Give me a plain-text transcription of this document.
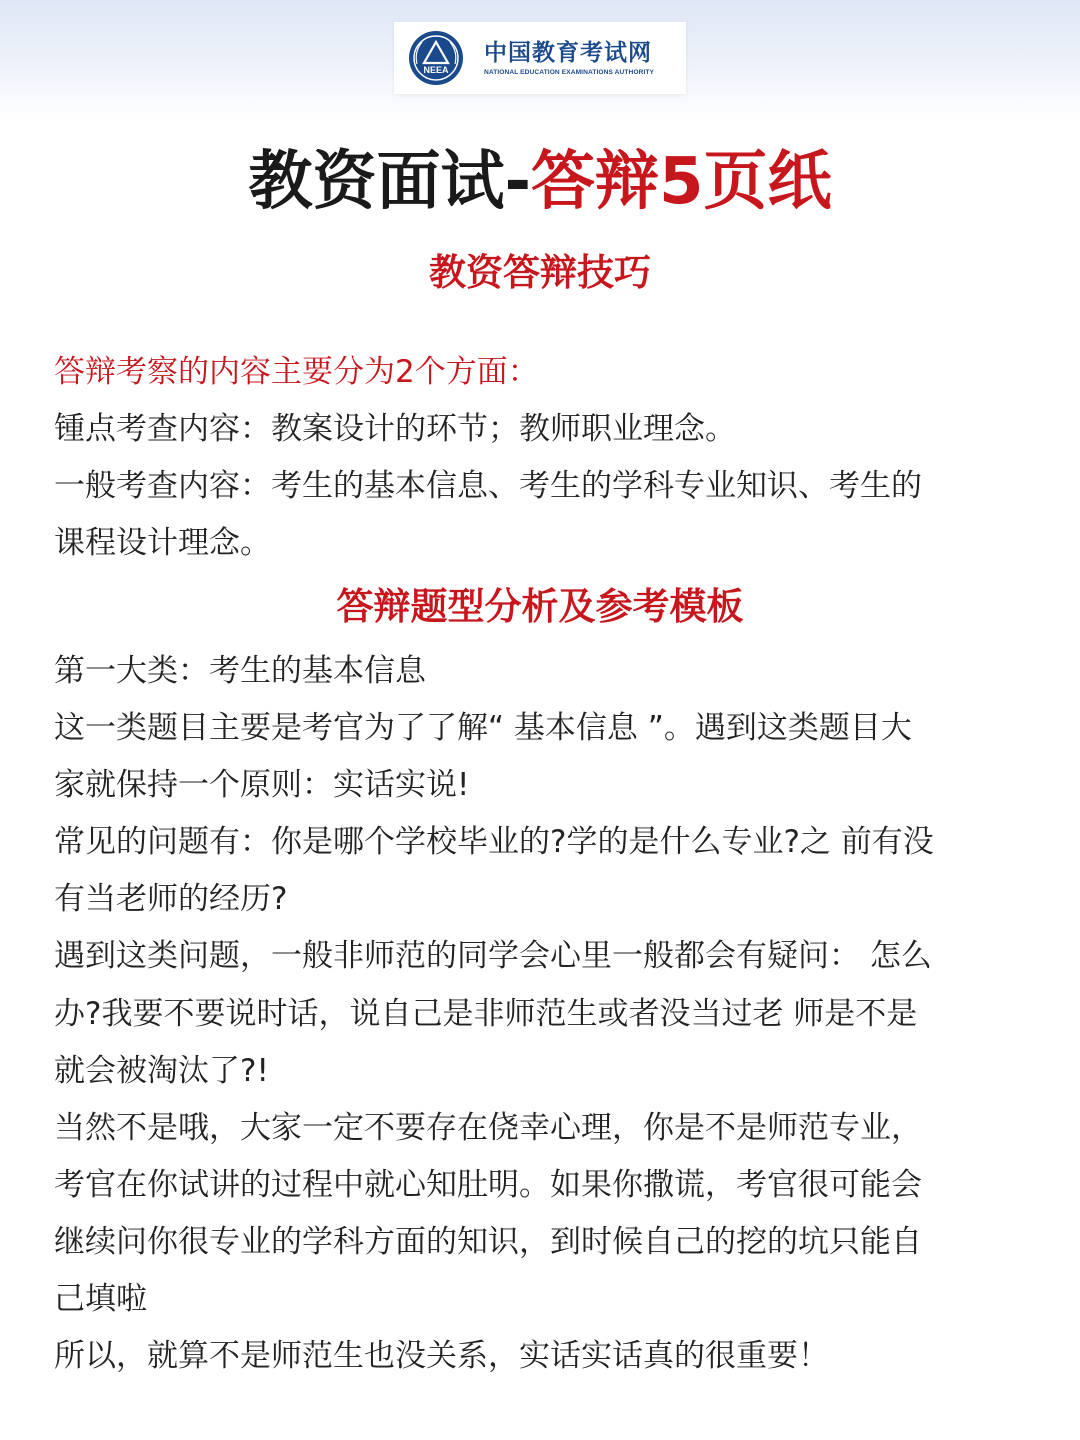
NEEA
中国教育考试网
NATIONAL EDUCATION EXAMINATIONS AUTHORITY
教资面试-答辩5页纸
教资答辩技巧
答辩考察的内容主要分为2个方面：
锺点考查内容：教案设计的环节；教师职业理念。
一般考查内容：考生的基本信息、考生的学科专业知识、考生的
课程设计理念。
答辩题型分析及参考模板
第一大类：考生的基本信息
这一类题目主要是考官为了了解“ 基本信息 ”。遇到这类题目大
家就保持一个原则：实话实说!
常见的问题有：你是哪个学校毕业的?学的是什么专业?之 前有没
有当老师的经历?
遇到这类问题，一般非师范的同学会心里一般都会有疑问： 怎么
办?我要不要说时话，说自己是非师范生或者没当过老 师是不是
就会被淘汰了?!
当然不是哦，大家一定不要存在侥幸心理，你是不是师范专业，
考官在你试讲的过程中就心知肚明。如果你撒谎，考官很可能会
继续问你很专业的学科方面的知识，到时候自己的挖的坑只能自
己填啦
所以，就算不是师范生也没关系，实话实话真的很重要！
